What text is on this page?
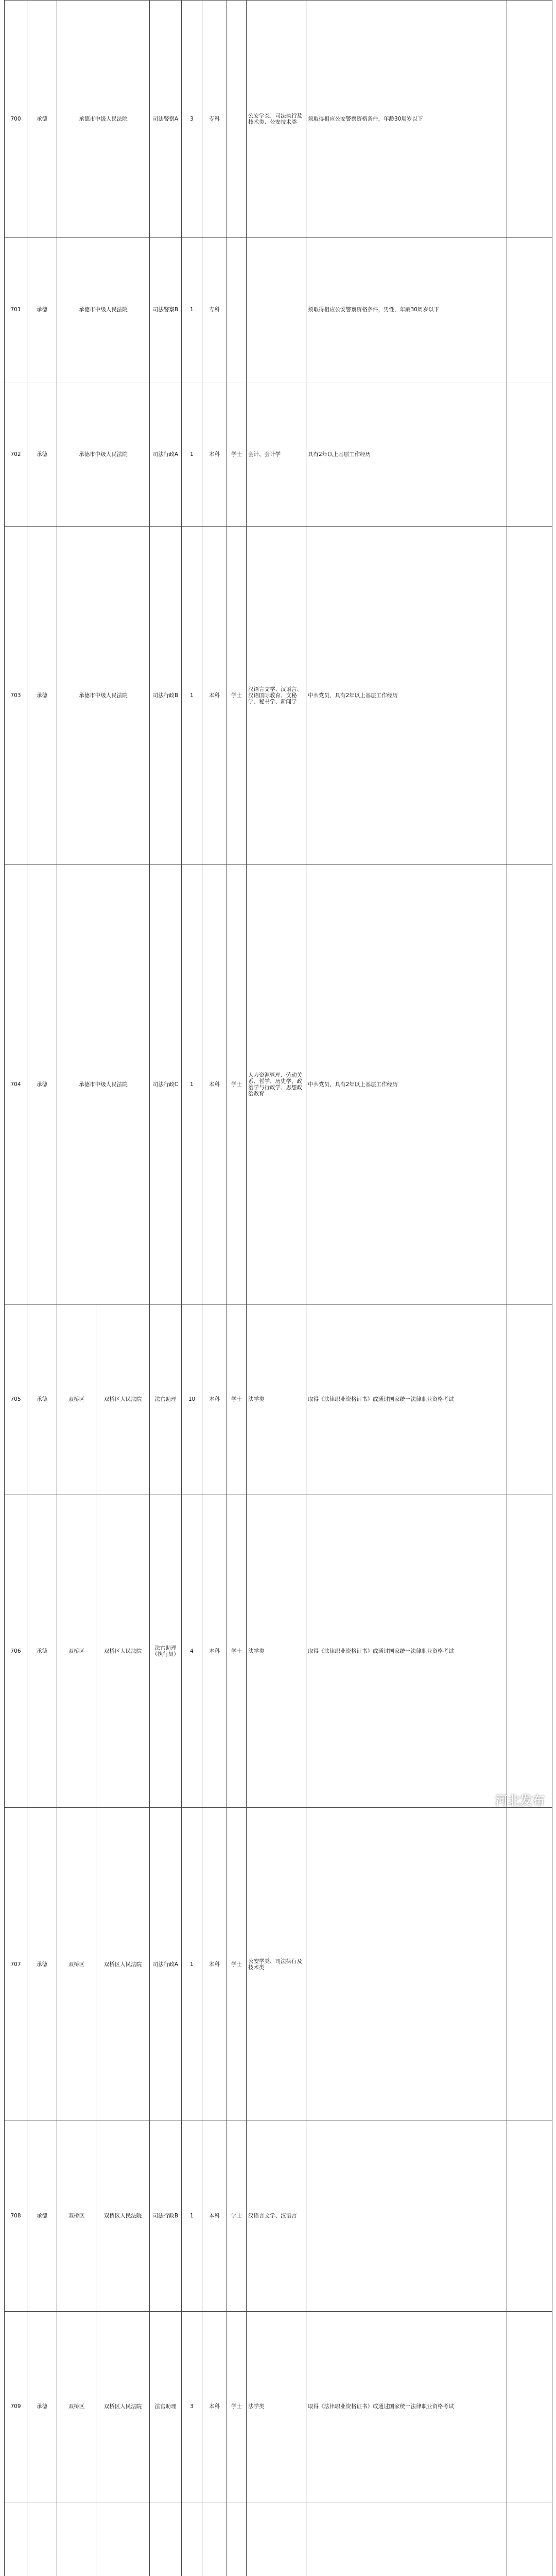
700	承德	承德市中级人民法院		司法警察A	3	专科		公安学类、司法执行及技术类、公安技术类	须取得相应公安警察资格条件，年龄30周岁以下	
701	承德	承德市中级人民法院		司法警察B	1	专科			须取得相应公安警察资格条件，男性，年龄30周岁以下	
702	承德	承德市中级人民法院		司法行政A	1	本科	学士	会计、会计学	具有2年以上基层工作经历	
703	承德	承德市中级人民法院		司法行政B	1	本科	学士	汉语言文学、汉语言、汉语国际教育、文秘学、秘书学、新闻学	中共党员，具有2年以上基层工作经历	
704	承德	承德市中级人民法院		司法行政C	1	本科	学士	人力资源管理、劳动关系、哲学、历史学、政治学与行政学、思想政治教育	中共党员，具有2年以上基层工作经历	
705	承德	双桥区	双桥区人民法院	法官助理	10	本科	学士	法学类	取得《法律职业资格证书》或通过国家统一法律职业资格考试	
706	承德	双桥区	双桥区人民法院	法官助理（执行员）	4	本科	学士	法学类	取得《法律职业资格证书》或通过国家统一法律职业资格考试	
707	承德	双桥区	双桥区人民法院	司法行政A	1	本科	学士	公安学类、司法执行及技术类		
708	承德	双桥区	双桥区人民法院	司法行政B	1	本科	学士	汉语言文学、汉语言		
709	承德	双桥区	双桥区人民法院	法官助理	3	本科	学士	法学类	取得《法律职业资格证书》或通过国家统一法律职业资格考试	

河北发布
